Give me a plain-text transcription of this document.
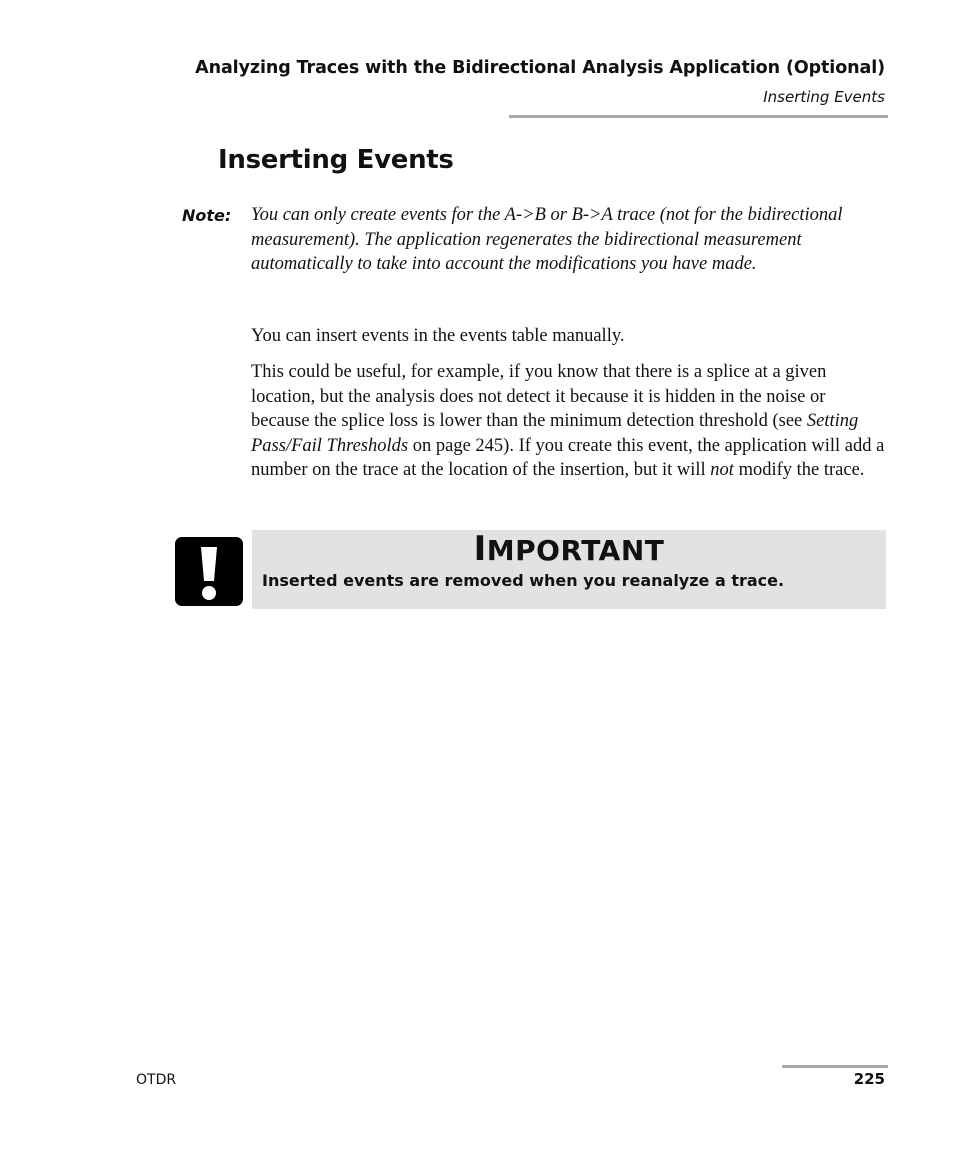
Analyzing Traces with the Bidirectional Analysis Application (Optional)
Inserting Events
Inserting Events
Note: You can only create events for the A->B or B->A trace (not for the bidirectional measurement). The application regenerates the bidirectional measurement automatically to take into account the modifications you have made.
You can insert events in the events table manually.
This could be useful, for example, if you know that there is a splice at a given location, but the analysis does not detect it because it is hidden in the noise or because the splice loss is lower than the minimum detection threshold (see Setting Pass/Fail Thresholds on page 245). If you create this event, the application will add a number on the trace at the location of the insertion, but it will not modify the trace.
IMPORTANT
Inserted events are removed when you reanalyze a trace.
OTDR	225
